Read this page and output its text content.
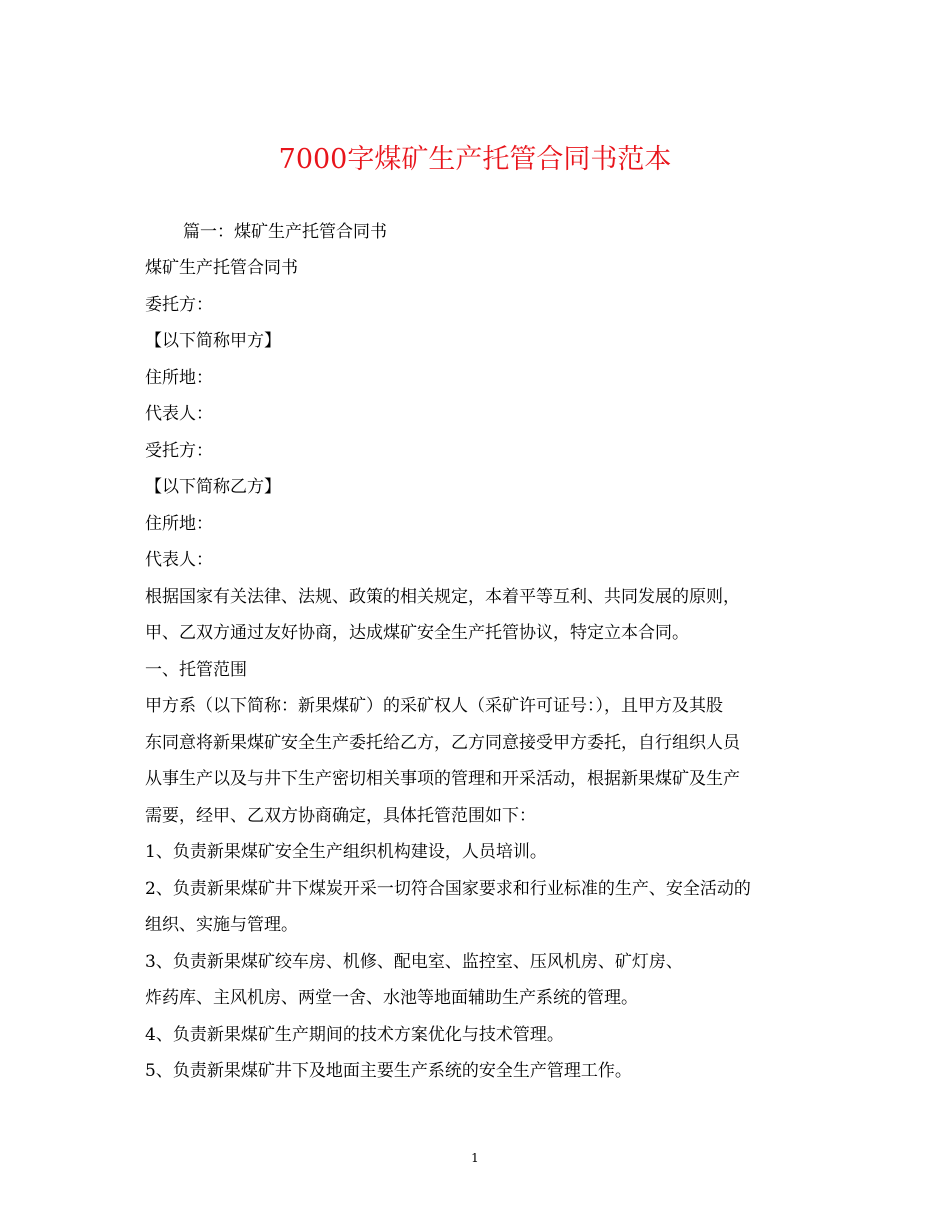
7000字煤矿生产托管合同书范本
篇一：煤矿生产托管合同书
煤矿生产托管合同书
委托方：
【以下简称甲方】
住所地：
代表人：
受托方：
【以下简称乙方】
住所地：
代表人：
根据国家有关法律、法规、政策的相关规定，本着平等互利、共同发展的原则，
甲、乙双方通过友好协商，达成煤矿安全生产托管协议，特定立本合同。
一、托管范围
甲方系（以下简称：新果煤矿）的采矿权人（采矿许可证号：），且甲方及其股
东同意将新果煤矿安全生产委托给乙方，乙方同意接受甲方委托，自行组织人员
从事生产以及与井下生产密切相关事项的管理和开采活动，根据新果煤矿及生产
需要，经甲、乙双方协商确定，具体托管范围如下：
1、负责新果煤矿安全生产组织机构建设，人员培训。
2、负责新果煤矿井下煤炭开采一切符合国家要求和行业标准的生产、安全活动的
组织、实施与管理。
3、负责新果煤矿绞车房、机修、配电室、监控室、压风机房、矿灯房、
炸药库、主风机房、两堂一舍、水池等地面辅助生产系统的管理。
4、负责新果煤矿生产期间的技术方案优化与技术管理。
5、负责新果煤矿井下及地面主要生产系统的安全生产管理工作。
1
